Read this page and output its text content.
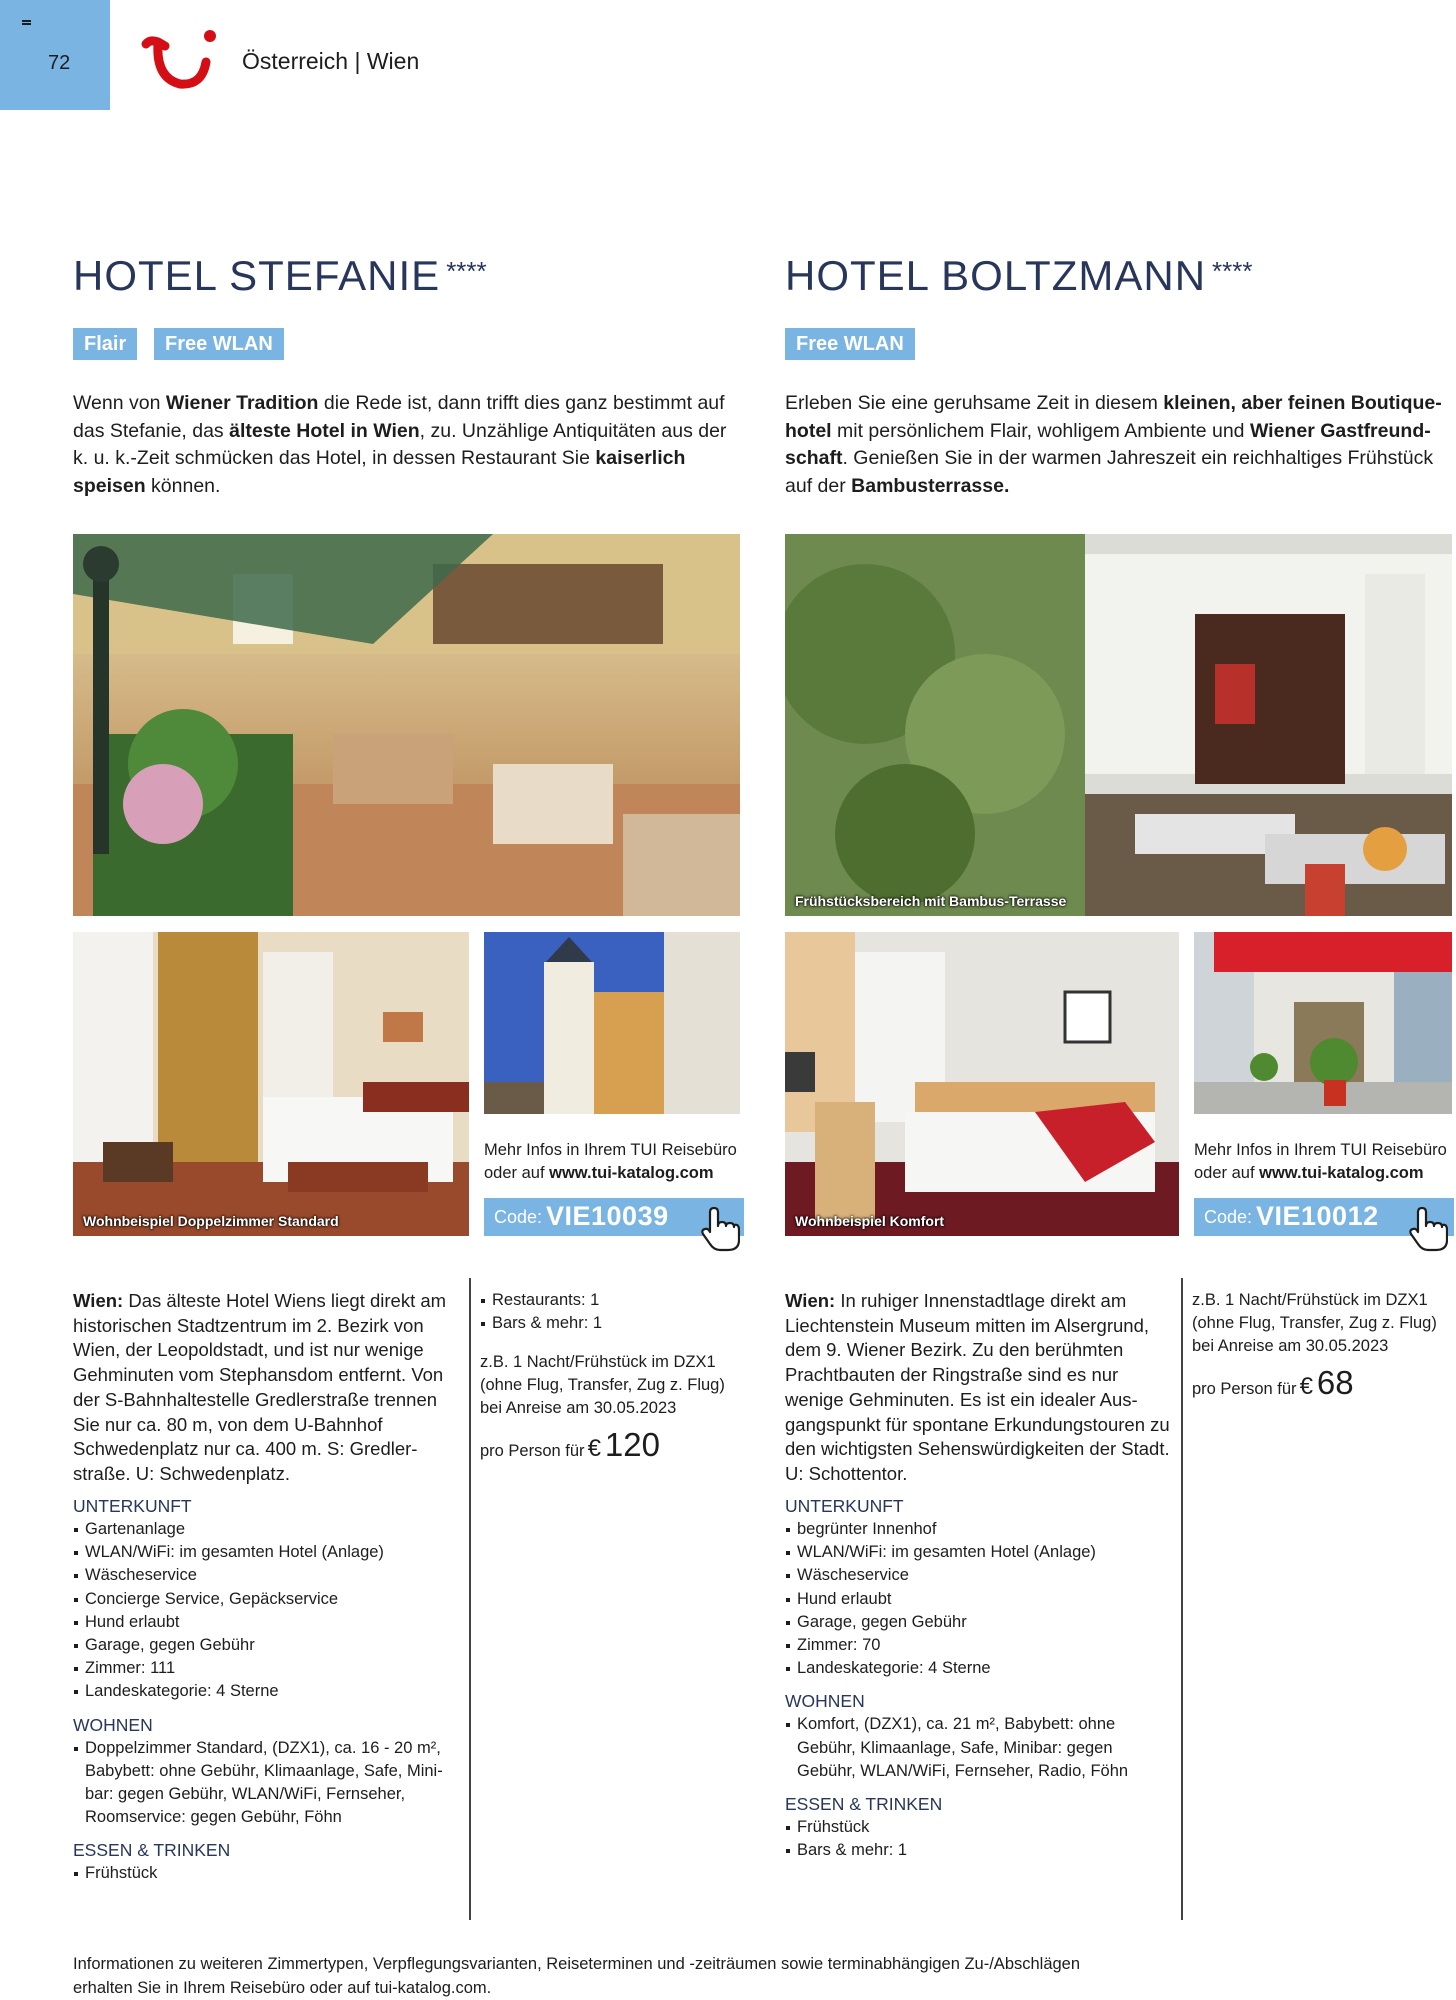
72	Österreich | Wien
HOTEL STEFANIE ****
Flair	Free WLAN
Wenn von Wiener Tradition die Rede ist, dann trifft dies ganz bestimmt auf das Stefanie, das älteste Hotel in Wien, zu. Unzählige Antiquitäten aus der k. u. k.-Zeit schmücken das Hotel, in dessen Restaurant Sie kaiserlich speisen können.
Wohnbeispiel Doppelzimmer Standard
Mehr Infos in Ihrem TUI Reisebüro
oder auf www.tui-katalog.com
Code: VIE10039
Wien: Das älteste Hotel Wiens liegt direkt am historischen Stadtzentrum im 2. Bezirk von Wien, der Leopoldstadt, und ist nur wenige Gehminuten vom Stephansdom entfernt. Von der S-Bahnhaltestelle Gredlerstraße trennen Sie nur ca. 80 m, von dem U-Bahnhof Schwedenplatz nur ca. 400 m. S: Gredler-straße. U: Schwedenplatz.
UNTERKUNFT
Gartenanlage
WLAN/WiFi: im gesamten Hotel (Anlage)
Wäscheservice
Concierge Service, Gepäckservice
Hund erlaubt
Garage, gegen Gebühr
Zimmer: 111
Landeskategorie: 4 Sterne
WOHNEN
Doppelzimmer Standard, (DZX1), ca. 16 - 20 m², Babybett: ohne Gebühr, Klimaanlage, Safe, Mini-bar: gegen Gebühr, WLAN/WiFi, Fernseher, Roomservice: gegen Gebühr, Föhn
ESSEN & TRINKEN
Frühstück
Restaurants: 1
Bars & mehr: 1
z.B. 1 Nacht/Frühstück im DZX1 (ohne Flug, Transfer, Zug z. Flug) bei Anreise am 30.05.2023
pro Person für € 120
HOTEL BOLTZMANN ****
Free WLAN
Erleben Sie eine geruhsame Zeit in diesem kleinen, aber feinen Boutique-hotel mit persönlichem Flair, wohligem Ambiente und Wiener Gastfreund-schaft. Genießen Sie in der warmen Jahreszeit ein reichhaltiges Frühstück auf der Bambusterrasse.
Frühstücksbereich mit Bambus-Terrasse
Wohnbeispiel Komfort
Mehr Infos in Ihrem TUI Reisebüro
oder auf www.tui-katalog.com
Code: VIE10012
Wien: In ruhiger Innenstadtlage direkt am Liechtenstein Museum mitten im Alsergrund, dem 9. Wiener Bezirk. Zu den berühmten Prachtbauten der Ringstraße sind es nur wenige Gehminuten. Es ist ein idealer Aus-gangspunkt für spontane Erkundungstouren zu den wichtigsten Sehenswürdigkeiten der Stadt. U: Schottentor.
UNTERKUNFT
begrünter Innenhof
WLAN/WiFi: im gesamten Hotel (Anlage)
Wäscheservice
Hund erlaubt
Garage, gegen Gebühr
Zimmer: 70
Landeskategorie: 4 Sterne
WOHNEN
Komfort, (DZX1), ca. 21 m², Babybett: ohne Gebühr, Klimaanlage, Safe, Minibar: gegen Gebühr, WLAN/WiFi, Fernseher, Radio, Föhn
ESSEN & TRINKEN
Frühstück
Bars & mehr: 1
z.B. 1 Nacht/Frühstück im DZX1 (ohne Flug, Transfer, Zug z. Flug) bei Anreise am 30.05.2023
pro Person für € 68
Informationen zu weiteren Zimmertypen, Verpflegungsvarianten, Reiseterminen und -zeiträumen sowie terminabhängigen Zu-/Abschlägen erhalten Sie in Ihrem Reisebüro oder auf tui-katalog.com.
